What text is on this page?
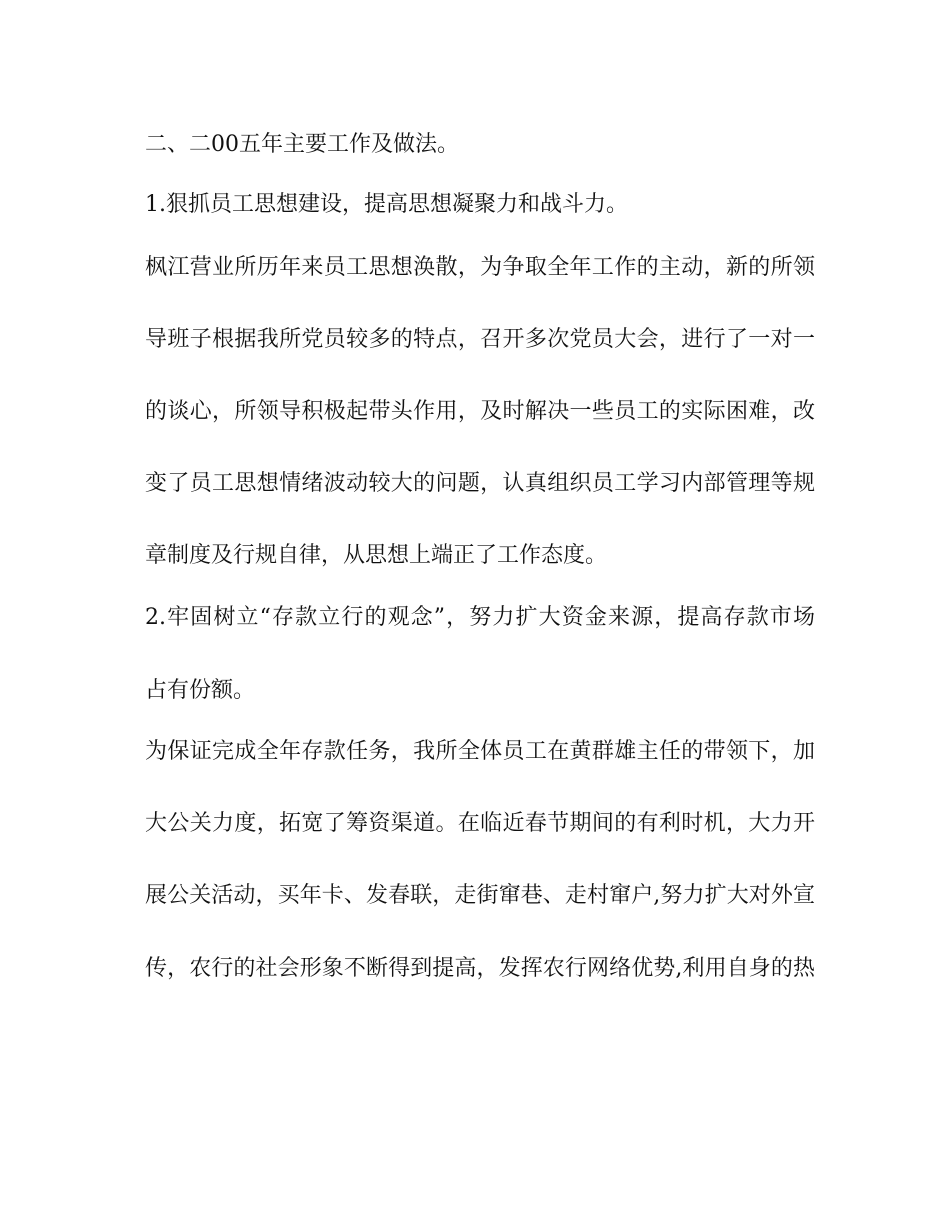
二、二00五年主要工作及做法。
1.狠抓员工思想建设，提高思想凝聚力和战斗力。
枫江营业所历年来员工思想涣散，为争取全年工作的主动，新的所领
导班子根据我所党员较多的特点，召开多次党员大会，进行了一对一
的谈心，所领导积极起带头作用，及时解决一些员工的实际困难，改
变了员工思想情绪波动较大的问题，认真组织员工学习内部管理等规
章制度及行规自律，从思想上端正了工作态度。
2.牢固树立“存款立行的观念”，努力扩大资金来源，提高存款市场
占有份额。
为保证完成全年存款任务，我所全体员工在黄群雄主任的带领下，加
大公关力度，拓宽了筹资渠道。在临近春节期间的有利时机，大力开
展公关活动，买年卡、发春联，走街窜巷、走村窜户,努力扩大对外宣
传，农行的社会形象不断得到提高，发挥农行网络优势,利用自身的热
